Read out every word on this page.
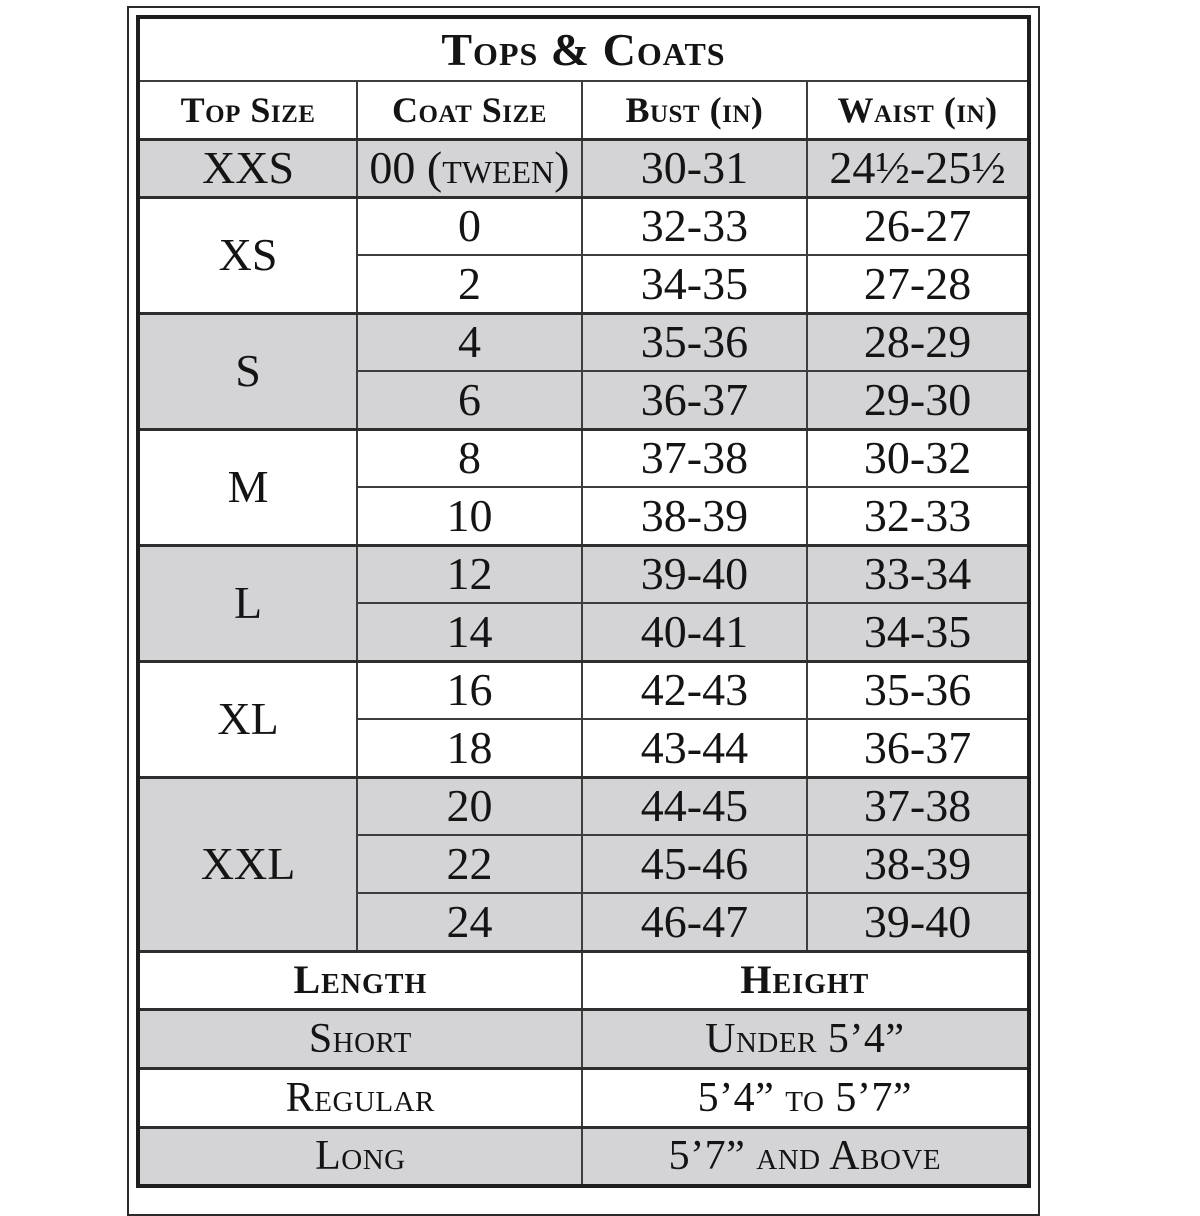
Tops & Coats			
Top Size	Coat Size	Bust (in)	Waist (in)
XXS	00 (tween)	30-31	24½-25½
XS	0	32-33	26-27
	2	34-35	27-28
S	4	35-36	28-29
	6	36-37	29-30
M	8	37-38	30-32
	10	38-39	32-33
L	12	39-40	33-34
	14	40-41	34-35
XL	16	42-43	35-36
	18	43-44	36-37
XXL	20	44-45	37-38
	22	45-46	38-39
	24	46-47	39-40
Length		Height	
Short		Under 5’4”	
Regular		5’4” to 5’7”	
Long		5’7” and Above	
